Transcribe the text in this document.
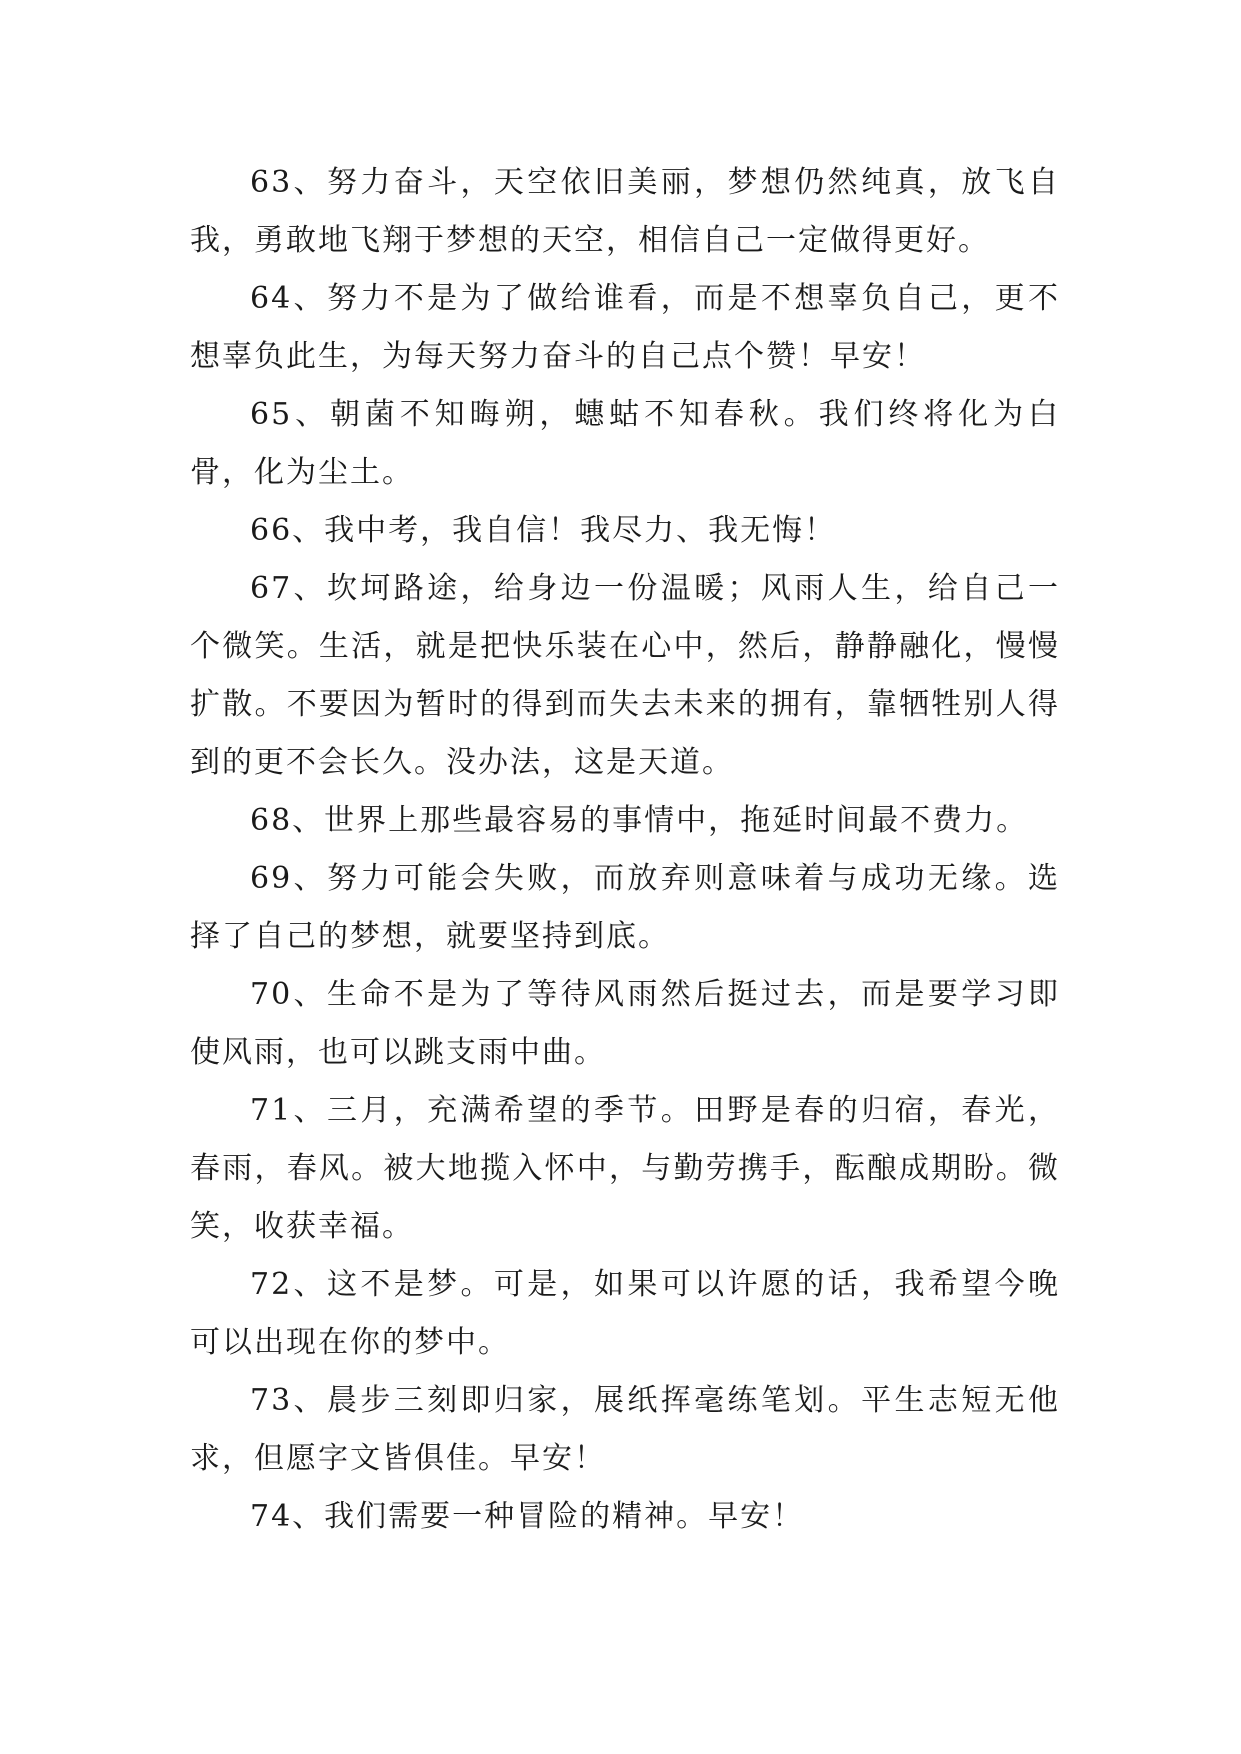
63、努力奋斗，天空依旧美丽，梦想仍然纯真，放飞自我，勇敢地飞翔于梦想的天空，相信自己一定做得更好。

64、努力不是为了做给谁看，而是不想辜负自己，更不想辜负此生，为每天努力奋斗的自己点个赞！早安！

65、朝菌不知晦朔，蟪蛄不知春秋。我们终将化为白骨，化为尘土。

66、我中考，我自信！我尽力、我无悔！

67、坎坷路途，给身边一份温暖；风雨人生，给自己一个微笑。生活，就是把快乐装在心中，然后，静静融化，慢慢扩散。不要因为暂时的得到而失去未来的拥有，靠牺牲别人得到的更不会长久。没办法，这是天道。

68、世界上那些最容易的事情中，拖延时间最不费力。

69、努力可能会失败，而放弃则意味着与成功无缘。选择了自己的梦想，就要坚持到底。

70、生命不是为了等待风雨然后挺过去，而是要学习即使风雨，也可以跳支雨中曲。

71、三月，充满希望的季节。田野是春的归宿，春光，春雨，春风。被大地揽入怀中，与勤劳携手，酝酿成期盼。微笑，收获幸福。

72、这不是梦。可是，如果可以许愿的话，我希望今晚可以出现在你的梦中。

73、晨步三刻即归家，展纸挥毫练笔划。平生志短无他求，但愿字文皆俱佳。早安！

74、我们需要一种冒险的精神。早安！
